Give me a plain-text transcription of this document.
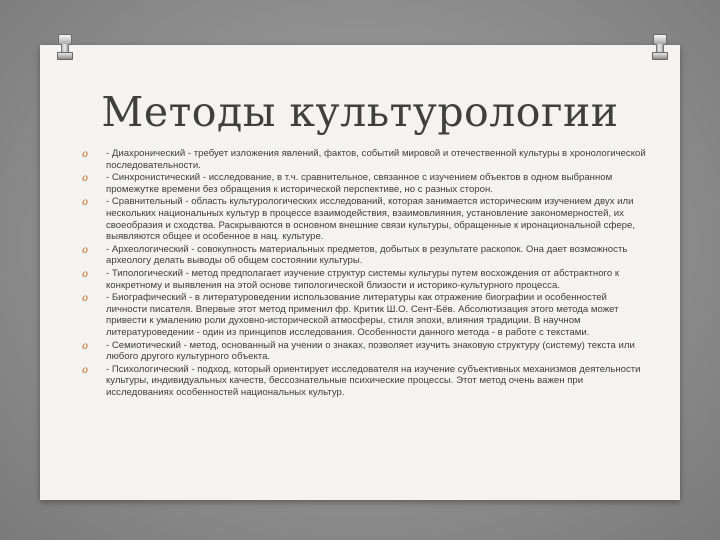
Методы культурологии
o - Диахронический - требует изложения явлений, фактов, событий мировой и отечественной культуры в хронологической последовательности.
o - Синхронистический - исследование, в т.ч. сравнительное, связанное с изучением объектов в одном выбранном промежутке времени без обращения к исторической перспективе, но с разных сторон.
o - Сравнительный - область культурологических исследований, которая занимается историческим изучением двух или нескольких национальных культур в процессе взаимодействия, взаимовлияния, установление закономерностей, их своеобразия и сходства. Раскрываются в основном внешние связи культуры, обращенные к иронациональной сфере, выявляются общее и особенное в нац. культуре.
o - Археологический - совокупность материальных предметов, добытых в результате раскопок. Она дает возможность археологу делать выводы об общем состоянии культуры.
o - Типологический - метод предполагает изучение структур системы культуры путем восхождения от абстрактного к конкретному и выявления на этой основе типологической близости и историко-культурного процесса.
o - Биографический - в литературоведении использование литературы как отражение биографии и особенностей личности писателя. Впервые этот метод применил фр. Критик Ш.О. Сент-Бёв. Абсолютизация этого метода может привести к умалению роли духовно-исторической атмосферы, стиля эпохи, влияния традиции. В научном литературоведении - один из принципов исследования. Особенности данного метода - в работе с текстами.
o - Семиотический - метод, основанный на учении о знаках, позволяет изучить знаковую структуру (систему) текста или любого другого культурного объекта.
o - Психологический - подход, который ориентирует исследователя на изучение субъективных механизмов деятельности культуры, индивидуальных качеств, бессознательные психические процессы. Этот метод очень важен при исследованиях особенностей национальных культур.
